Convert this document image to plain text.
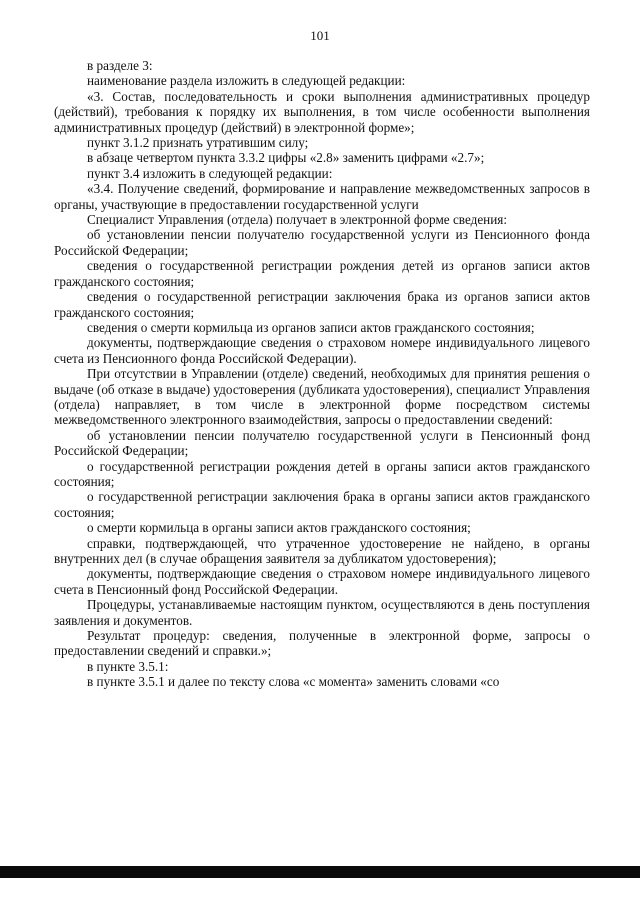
101

в разделе 3:

наименование раздела изложить в следующей редакции:

«3. Состав, последовательность и сроки выполнения административных процедур (действий), требования к порядку их выполнения, в том числе особенности выполнения административных процедур (действий) в электронной форме»;

пункт 3.1.2 признать утратившим силу;

в абзаце четвертом пункта 3.3.2 цифры «2.8» заменить цифрами «2.7»;

пункт 3.4 изложить в следующей редакции:

«3.4. Получение сведений, формирование и направление межведомственных запросов в органы, участвующие в предоставлении государственной услуги

Специалист Управления (отдела) получает в электронной форме сведения:

об установлении пенсии получателю государственной услуги из Пенсионного фонда Российской Федерации;

сведения о государственной регистрации рождения детей из органов записи актов гражданского состояния;

сведения о государственной регистрации заключения брака из органов записи актов гражданского состояния;

сведения о смерти кормильца из органов записи актов гражданского состояния;

документы, подтверждающие сведения о страховом номере индивидуального лицевого счета из Пенсионного фонда Российской Федерации).

При отсутствии в Управлении (отделе) сведений, необходимых для принятия решения о выдаче (об отказе в выдаче) удостоверения (дубликата удостоверения), специалист Управления (отдела) направляет, в том числе в электронной форме посредством системы межведомственного электронного взаимодействия, запросы о предоставлении сведений:

об установлении пенсии получателю государственной услуги в Пенсионный фонд Российской Федерации;

о государственной регистрации рождения детей в органы записи актов гражданского состояния;

о государственной регистрации заключения брака в органы записи актов гражданского состояния;

о смерти кормильца в органы записи актов гражданского состояния;

справки, подтверждающей, что утраченное удостоверение не найдено, в органы внутренних дел (в случае обращения заявителя за дубликатом удостоверения);

документы, подтверждающие сведения о страховом номере индивидуального лицевого счета в Пенсионный фонд Российской Федерации.

Процедуры, устанавливаемые настоящим пунктом, осуществляются в день поступления заявления и документов.

Результат процедур: сведения, полученные в электронной форме, запросы о предоставлении сведений и справки.»;

в пункте 3.5.1:

в пункте 3.5.1 и далее по тексту слова «с момента» заменить словами «со
